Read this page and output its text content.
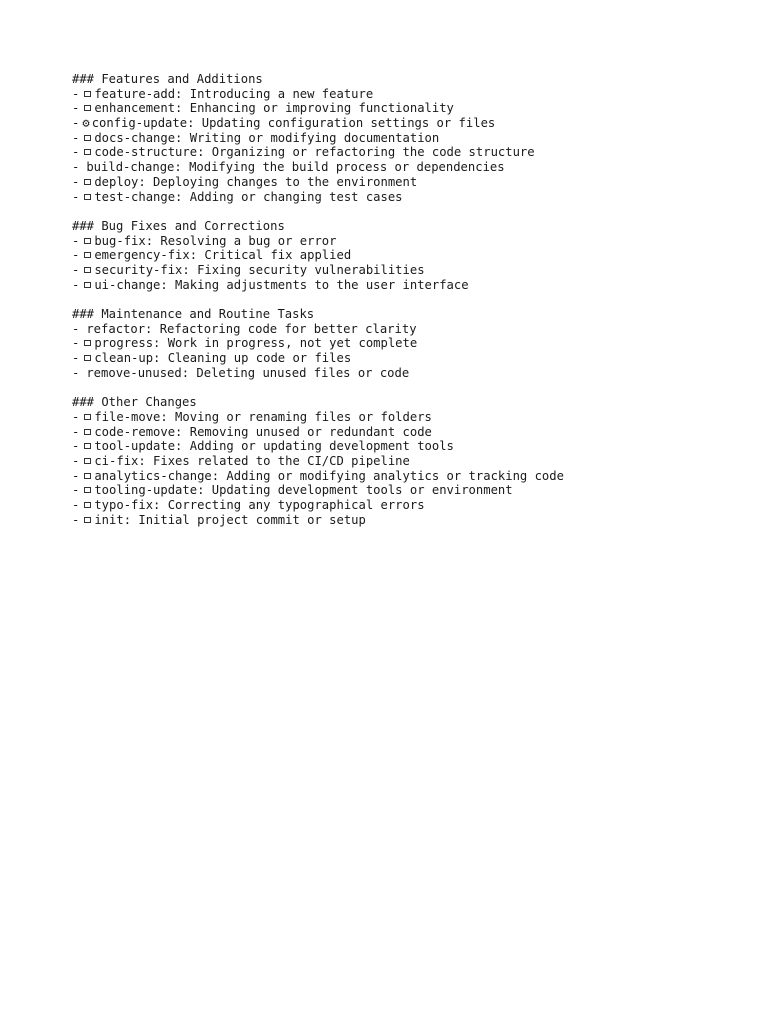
### Features and Additions
- feature-add: Introducing a new feature
- enhancement: Enhancing or improving functionality
- ⚙ config-update: Updating configuration settings or files
- docs-change: Writing or modifying documentation
- code-structure: Organizing or refactoring the code structure
- build-change: Modifying the build process or dependencies
- deploy: Deploying changes to the environment
- test-change: Adding or changing test cases
### Bug Fixes and Corrections
- bug-fix: Resolving a bug or error
- emergency-fix: Critical fix applied
- security-fix: Fixing security vulnerabilities
- ui-change: Making adjustments to the user interface
### Maintenance and Routine Tasks
- refactor: Refactoring code for better clarity
- progress: Work in progress, not yet complete
- clean-up: Cleaning up code or files
- remove-unused: Deleting unused files or code
### Other Changes
- file-move: Moving or renaming files or folders
- code-remove: Removing unused or redundant code
- tool-update: Adding or updating development tools
- ci-fix: Fixes related to the CI/CD pipeline
- analytics-change: Adding or modifying analytics or tracking code
- tooling-update: Updating development tools or environment
- typo-fix: Correcting any typographical errors
- init: Initial project commit or setup
